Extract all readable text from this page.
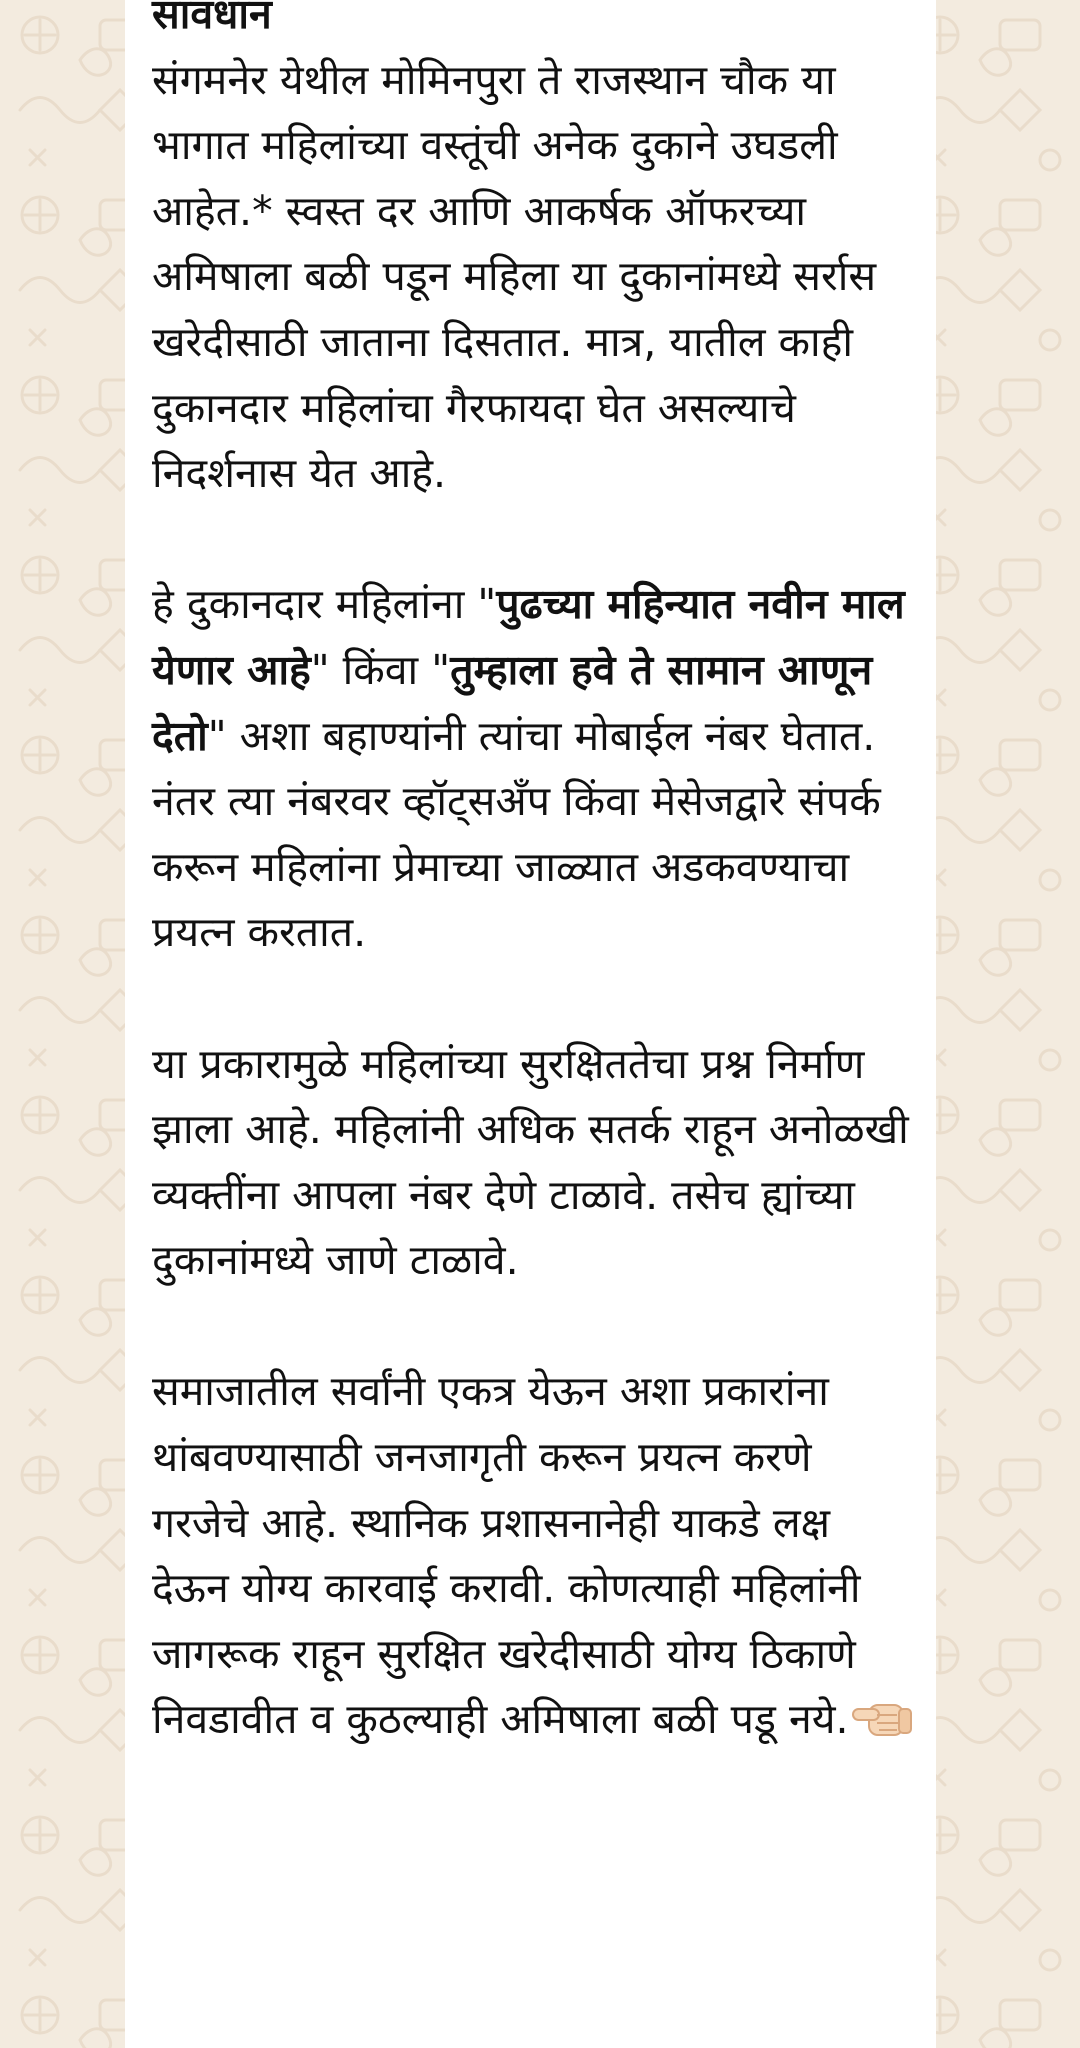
सावधान
संगमनेर येथील मोमिनपुरा ते राजस्थान चौक या भागात महिलांच्या वस्तूंची अनेक दुकाने उघडली आहेत.* स्वस्त दर आणि आकर्षक ऑफरच्या अमिषाला बळी पडून महिला या दुकानांमध्ये सर्रास खरेदीसाठी जाताना दिसतात. मात्र, यातील काही दुकानदार महिलांचा गैरफायदा घेत असल्याचे निदर्शनास येत आहे.
हे दुकानदार महिलांना "पुढच्या महिन्यात नवीन माल येणार आहे" किंवा "तुम्हाला हवे ते सामान आणून देतो" अशा बहाण्यांनी त्यांचा मोबाईल नंबर घेतात. नंतर त्या नंबरवर व्हॉट्सअँप किंवा मेसेजद्वारे संपर्क करून महिलांना प्रेमाच्या जाळ्यात अडकवण्याचा प्रयत्न करतात.
या प्रकारामुळे महिलांच्या सुरक्षिततेचा प्रश्न निर्माण झाला आहे. महिलांनी अधिक सतर्क राहून अनोळखी व्यक्तींना आपला नंबर देणे टाळावे. तसेच ह्यांच्या दुकानांमध्ये जाणे टाळावे.
समाजातील सर्वांनी एकत्र येऊन अशा प्रकारांना थांबवण्यासाठी जनजागृती करून प्रयत्न करणे गरजेचे आहे. स्थानिक प्रशासनानेही याकडे लक्ष देऊन योग्य कारवाई करावी. कोणत्याही महिलांनी जागरूक राहून सुरक्षित खरेदीसाठी योग्य ठिकाणे निवडावीत व कुठल्याही अमिषाला बळी पडू नये.
